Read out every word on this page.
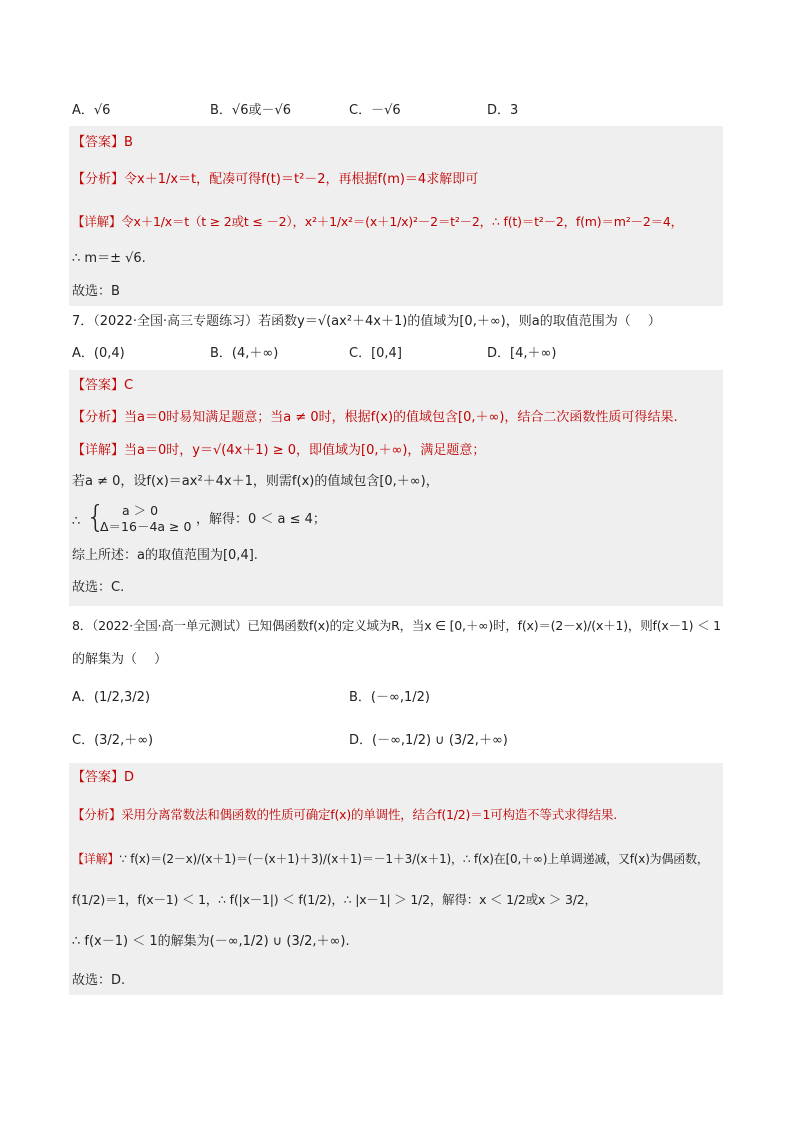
A．√6	B．√6或－√6	C．－√6	D．3
【答案】B
【分析】令x＋1/x＝t，配凑可得f(t)＝t²－2，再根据f(m)＝4求解即可
【详解】令x＋1/x＝t（t ≥ 2或t ≤ －2），x²＋1/x²＝(x＋1/x)²－2＝t²－2，∴ f(t)＝t²－2，f(m)＝m²－2＝4，
∴ m＝± √6.
故选：B
7．（2022·全国·高三专题练习）若函数y＝√(ax²＋4x＋1)的值域为[0,＋∞)，则a的取值范围为（　 ）
A．(0,4)	B．(4,＋∞)	C．[0,4]	D．[4,＋∞)
【答案】C
【分析】当a＝0时易知满足题意；当a ≠ 0时，根据f(x)的值域包含[0,＋∞)，结合二次函数性质可得结果.
【详解】当a＝0时，y＝√(4x＋1) ≥ 0，即值域为[0,＋∞)，满足题意；
若a ≠ 0，设f(x)＝ax²＋4x＋1，则需f(x)的值域包含[0,＋∞)，
∴ { a ＞ 0
Δ＝16－4a ≥ 0 ，解得：0 ＜ a ≤ 4；
综上所述：a的取值范围为[0,4].
故选：C.
8．（2022·全国·高一单元测试）已知偶函数f(x)的定义域为R，当x ∈ [0,＋∞)时，f(x)＝(2－x)/(x＋1)，则f(x－1) ＜ 1
的解集为（　 ）
A．(1/2,3/2)	B．(－∞,1/2)
C．(3/2,＋∞)	D．(－∞,1/2) ∪ (3/2,＋∞)
【答案】D
【分析】采用分离常数法和偶函数的性质可确定f(x)的单调性，结合f(1/2)＝1可构造不等式求得结果.
【详解】∵ f(x)＝(2－x)/(x＋1)＝(－(x＋1)＋3)/(x＋1)＝－1＋3/(x＋1)，∴ f(x)在[0,＋∞)上单调递减，又f(x)为偶函数，
f(1/2)＝1，f(x－1) ＜ 1，∴ f(|x－1|) ＜ f(1/2)，∴ |x－1| ＞ 1/2，解得：x ＜ 1/2或x ＞ 3/2，
∴ f(x－1) ＜ 1的解集为(－∞,1/2) ∪ (3/2,＋∞).
故选：D.
